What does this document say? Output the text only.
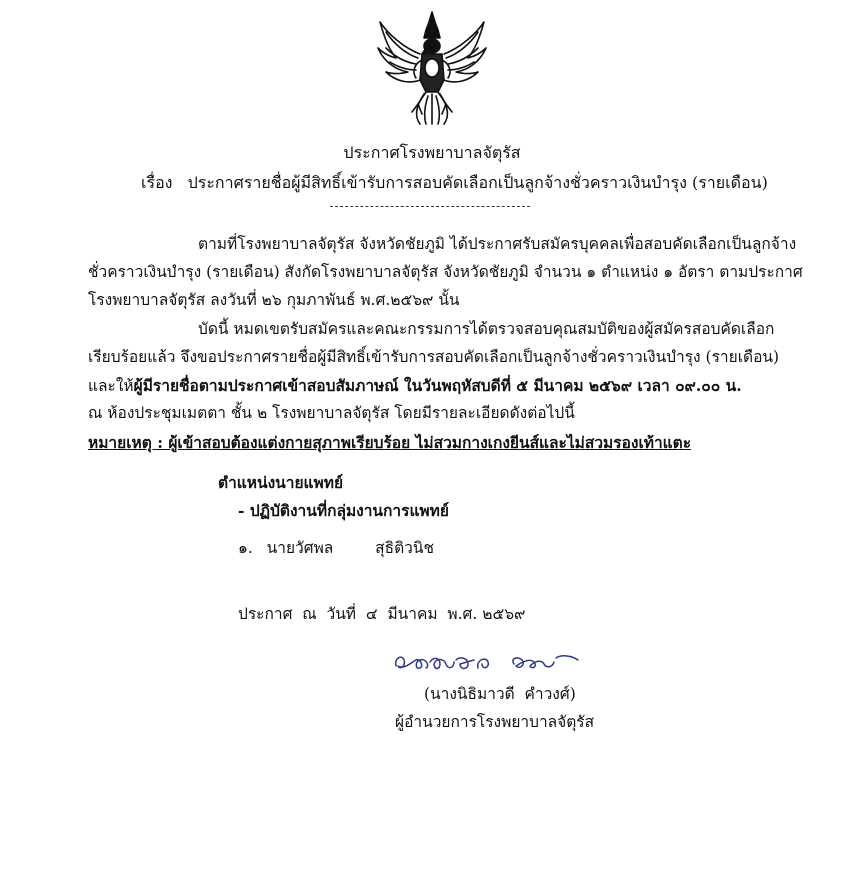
ประกาศโรงพยาบาลจัตุรัส
เรื่อง ประกาศรายชื่อผู้มีสิทธิ์เข้ารับการสอบคัดเลือกเป็นลูกจ้างชั่วคราวเงินบำรุง (รายเดือน)
ตามที่โรงพยาบาลจัตุรัส จังหวัดชัยภูมิ ได้ประกาศรับสมัครบุคคลเพื่อสอบคัดเลือกเป็นลูกจ้าง
ชั่วคราวเงินบำรุง (รายเดือน) สังกัดโรงพยาบาลจัตุรัส จังหวัดชัยภูมิ จำนวน ๑ ตำแหน่ง ๑ อัตรา ตามประกาศ
โรงพยาบาลจัตุรัส ลงวันที่ ๒๖ กุมภาพันธ์ พ.ศ.๒๕๖๙ นั้น
บัดนี้ หมดเขตรับสมัครและคณะกรรมการได้ตรวจสอบคุณสมบัติของผู้สมัครสอบคัดเลือก
เรียบร้อยแล้ว จึงขอประกาศรายชื่อผู้มีสิทธิ์เข้ารับการสอบคัดเลือกเป็นลูกจ้างชั่วคราวเงินบำรุง (รายเดือน)
และให้ผู้มีรายชื่อตามประกาศเข้าสอบสัมภาษณ์ ในวันพฤหัสบดีที่ ๕ มีนาคม ๒๕๖๙ เวลา ๐๙.๐๐ น.
ณ ห้องประชุมเมตตา ชั้น ๒ โรงพยาบาลจัตุรัส โดยมีรายละเอียดดังต่อไปนี้
หมายเหตุ : ผู้เข้าสอบต้องแต่งกายสุภาพเรียบร้อย ไม่สวมกางเกงยีนส์และไม่สวมรองเท้าแตะ
ตำแหน่งนายแพทย์
- ปฏิบัติงานที่กลุ่มงานการแพทย์
๑. นายวัศพล	สุธิติวนิช
ประกาศ  ณ  วันที่  ๔  มีนาคม  พ.ศ. ๒๕๖๙
(นางนิธิมาวดี  คำวงศ์)
ผู้อำนวยการโรงพยาบาลจัตุรัส
